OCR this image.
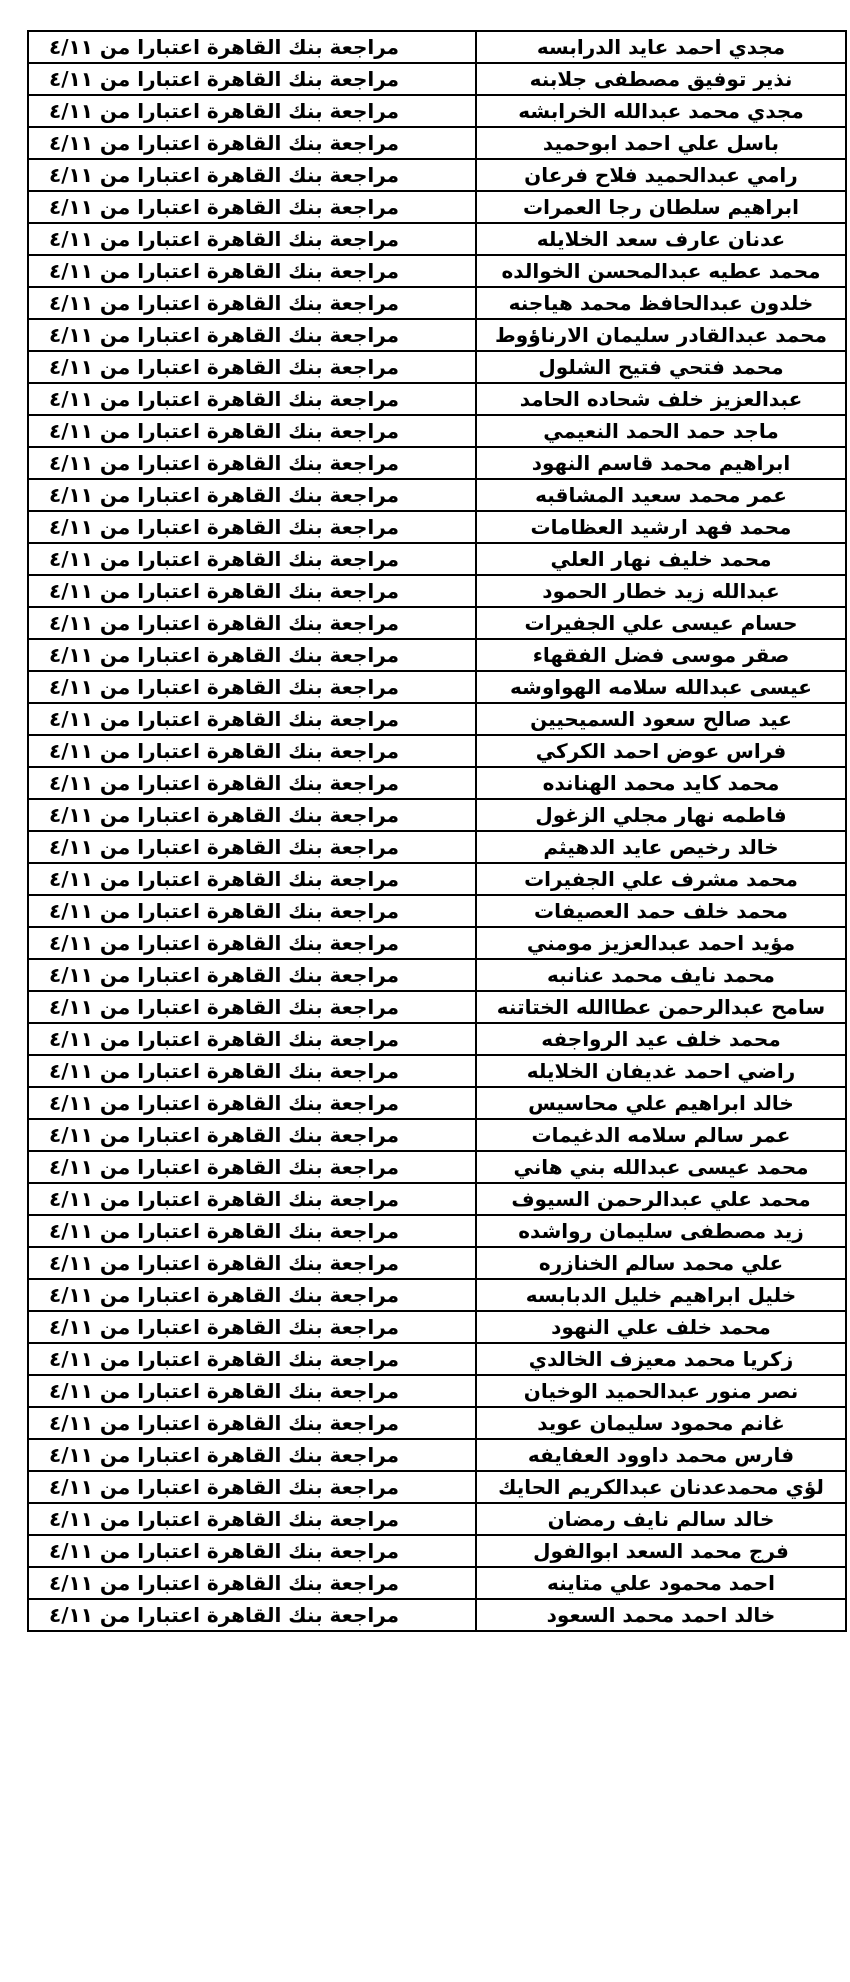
مجدي احمد عايد الدرابسه	مراجعة بنك القاهرة اعتبارا من ٤/١١
نذير توفيق مصطفى جلابنه	مراجعة بنك القاهرة اعتبارا من ٤/١١
مجدي محمد عبدالله الخرابشه	مراجعة بنك القاهرة اعتبارا من ٤/١١
باسل علي احمد ابوحميد	مراجعة بنك القاهرة اعتبارا من ٤/١١
رامي عبدالحميد فلاح فرعان	مراجعة بنك القاهرة اعتبارا من ٤/١١
ابراهيم سلطان رجا العمرات	مراجعة بنك القاهرة اعتبارا من ٤/١١
عدنان عارف سعد الخلايله	مراجعة بنك القاهرة اعتبارا من ٤/١١
محمد عطيه عبدالمحسن الخوالده	مراجعة بنك القاهرة اعتبارا من ٤/١١
خلدون عبدالحافظ محمد هياجنه	مراجعة بنك القاهرة اعتبارا من ٤/١١
محمد عبدالقادر سليمان الارناؤوط	مراجعة بنك القاهرة اعتبارا من ٤/١١
محمد فتحي فتيح الشلول	مراجعة بنك القاهرة اعتبارا من ٤/١١
عبدالعزيز خلف شحاده الحامد	مراجعة بنك القاهرة اعتبارا من ٤/١١
ماجد حمد الحمد النعيمي	مراجعة بنك القاهرة اعتبارا من ٤/١١
ابراهيم محمد قاسم النهود	مراجعة بنك القاهرة اعتبارا من ٤/١١
عمر محمد سعيد المشاقبه	مراجعة بنك القاهرة اعتبارا من ٤/١١
محمد فهد ارشيد العظامات	مراجعة بنك القاهرة اعتبارا من ٤/١١
محمد خليف نهار العلي	مراجعة بنك القاهرة اعتبارا من ٤/١١
عبدالله زيد خطار الحمود	مراجعة بنك القاهرة اعتبارا من ٤/١١
حسام عيسى علي الجفيرات	مراجعة بنك القاهرة اعتبارا من ٤/١١
صقر موسى فضل الفقهاء	مراجعة بنك القاهرة اعتبارا من ٤/١١
عيسى عبدالله سلامه الهواوشه	مراجعة بنك القاهرة اعتبارا من ٤/١١
عيد صالح سعود السميحيين	مراجعة بنك القاهرة اعتبارا من ٤/١١
فراس عوض احمد الكركي	مراجعة بنك القاهرة اعتبارا من ٤/١١
محمد كايد محمد الهنانده	مراجعة بنك القاهرة اعتبارا من ٤/١١
فاطمه نهار مجلي الزغول	مراجعة بنك القاهرة اعتبارا من ٤/١١
خالد رخيص عايد الدهيثم	مراجعة بنك القاهرة اعتبارا من ٤/١١
محمد مشرف علي الجفيرات	مراجعة بنك القاهرة اعتبارا من ٤/١١
محمد خلف حمد العصيفات	مراجعة بنك القاهرة اعتبارا من ٤/١١
مؤيد احمد عبدالعزيز مومني	مراجعة بنك القاهرة اعتبارا من ٤/١١
محمد نايف محمد عنانبه	مراجعة بنك القاهرة اعتبارا من ٤/١١
سامح عبدالرحمن عطاالله الختاتنه	مراجعة بنك القاهرة اعتبارا من ٤/١١
محمد خلف عيد الرواجفه	مراجعة بنك القاهرة اعتبارا من ٤/١١
راضي احمد غديفان الخلايله	مراجعة بنك القاهرة اعتبارا من ٤/١١
خالد ابراهيم علي محاسيس	مراجعة بنك القاهرة اعتبارا من ٤/١١
عمر سالم سلامه الدغيمات	مراجعة بنك القاهرة اعتبارا من ٤/١١
محمد عيسى عبدالله بني هاني	مراجعة بنك القاهرة اعتبارا من ٤/١١
محمد علي عبدالرحمن السيوف	مراجعة بنك القاهرة اعتبارا من ٤/١١
زيد مصطفى سليمان رواشده	مراجعة بنك القاهرة اعتبارا من ٤/١١
علي محمد سالم الخنازره	مراجعة بنك القاهرة اعتبارا من ٤/١١
خليل ابراهيم خليل الدبابسه	مراجعة بنك القاهرة اعتبارا من ٤/١١
محمد خلف علي النهود	مراجعة بنك القاهرة اعتبارا من ٤/١١
زكريا محمد معيزف الخالدي	مراجعة بنك القاهرة اعتبارا من ٤/١١
نصر منور عبدالحميد الوخيان	مراجعة بنك القاهرة اعتبارا من ٤/١١
غانم محمود سليمان عويد	مراجعة بنك القاهرة اعتبارا من ٤/١١
فارس محمد داوود العفايفه	مراجعة بنك القاهرة اعتبارا من ٤/١١
لؤي محمدعدنان عبدالكريم الحايك	مراجعة بنك القاهرة اعتبارا من ٤/١١
خالد سالم نايف رمضان	مراجعة بنك القاهرة اعتبارا من ٤/١١
فرج محمد السعد ابوالفول	مراجعة بنك القاهرة اعتبارا من ٤/١١
احمد محمود علي متاينه	مراجعة بنك القاهرة اعتبارا من ٤/١١
خالد احمد محمد السعود	مراجعة بنك القاهرة اعتبارا من ٤/١١
